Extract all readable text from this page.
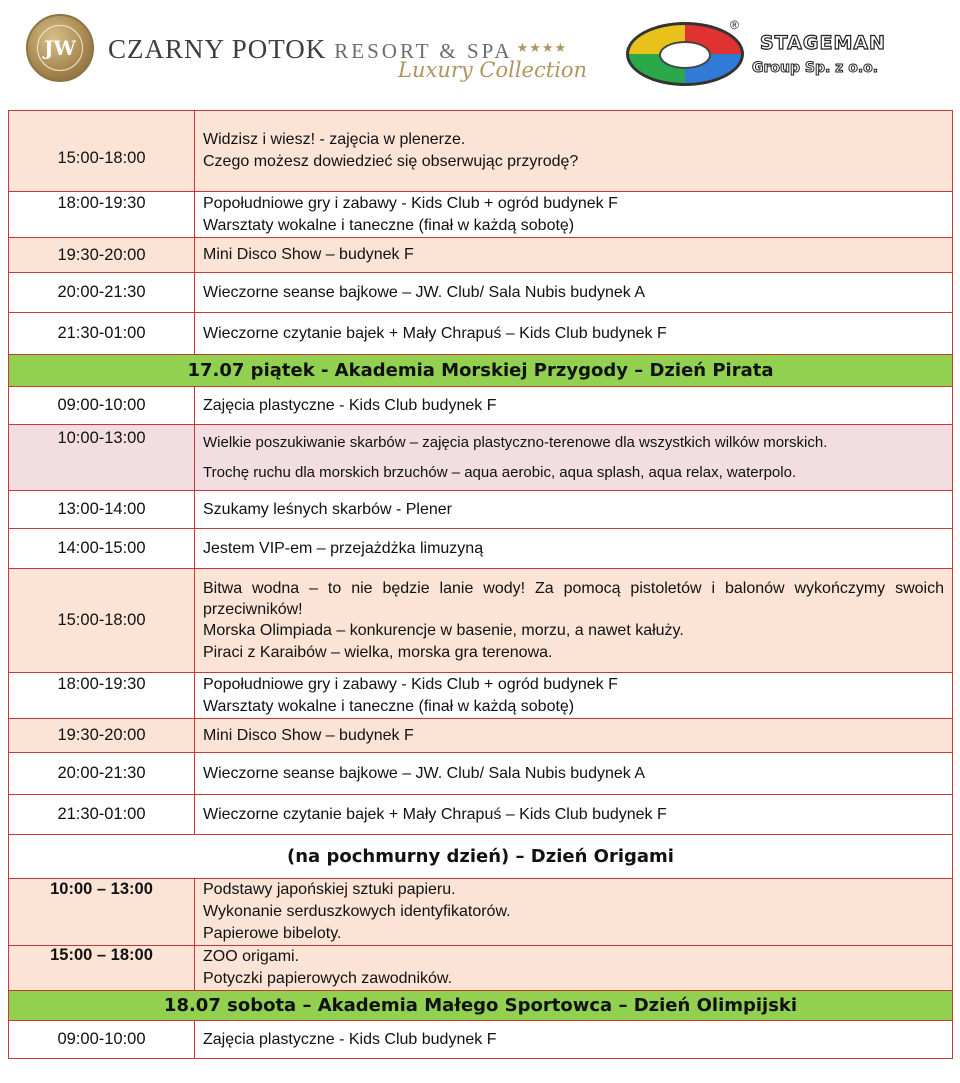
JW CZARNY POTOK RESORT & SPA ★★★★
Luxury Collection
®
STAGEMAN
Group Sp. z o.o.
15:00-18:00	Widzisz i wiesz! - zajęcia w plenerze.
Czego możesz dowiedzieć się obserwując przyrodę?

18:00-19:30	Popołudniowe gry i zabawy - Kids Club + ogród budynek F
Warsztaty wokalne i taneczne (finał w każdą sobotę)

19:30-20:00	Mini Disco Show – budynek F
20:00-21:30	Wieczorne seanse bajkowe – JW. Club/ Sala Nubis budynek A
21:30-01:00	Wieczorne czytanie bajek + Mały Chrapuś – Kids Club budynek F
17.07 piątek - Akademia Morskiej Przygody – Dzień Pirata	
09:00-10:00	Zajęcia plastyczne - Kids Club budynek F
10:00-13:00	Wielkie poszukiwanie skarbów – zajęcia plastyczno-terenowe dla wszystkich wilków morskich.
Trochę ruchu dla morskich brzuchów – aqua aerobic, aqua splash, aqua relax, waterpolo.

13:00-14:00	Szukamy leśnych skarbów - Plener
14:00-15:00	Jestem VIP-em – przejażdżka limuzyną
15:00-18:00	Bitwa wodna – to nie będzie lanie wody! Za pomocą pistoletów i balonów wykończymy swoich przeciwników!
Morska Olimpiada – konkurencje w basenie, morzu, a nawet kałuży.
Piraci z Karaibów – wielka, morska gra terenowa.

18:00-19:30	Popołudniowe gry i zabawy - Kids Club + ogród budynek F
Warsztaty wokalne i taneczne (finał w każdą sobotę)

19:30-20:00	Mini Disco Show – budynek F
20:00-21:30	Wieczorne seanse bajkowe – JW. Club/ Sala Nubis budynek A
21:30-01:00	Wieczorne czytanie bajek + Mały Chrapuś – Kids Club budynek F
(na pochmurny dzień) – Dzień Origami	
10:00 – 13:00	Podstawy japońskiej sztuki papieru.
Wykonanie serduszkowych identyfikatorów.
Papierowe bibeloty.

15:00 – 18:00	ZOO origami.
Potyczki papierowych zawodników.

18.07 sobota – Akademia Małego Sportowca – Dzień Olimpijski	
09:00-10:00	Zajęcia plastyczne - Kids Club budynek F
